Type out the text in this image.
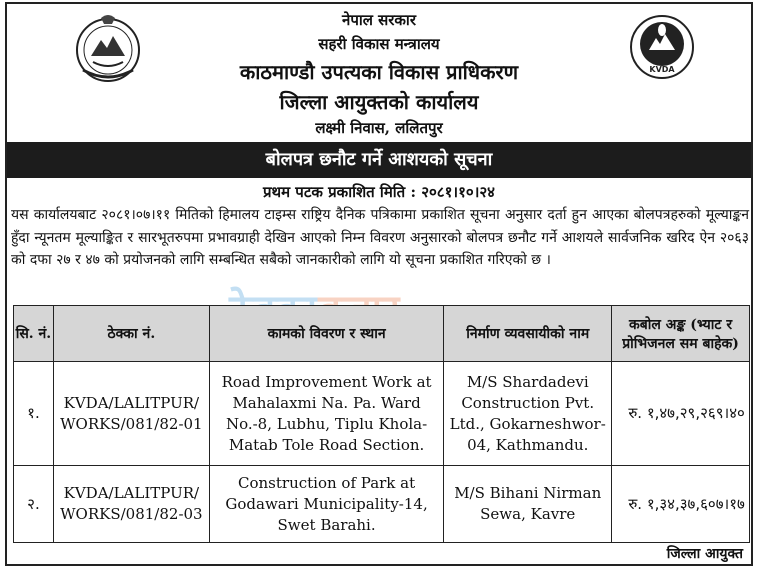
नेपाल सरकार
सहरी विकास मन्त्रालय
काठमाण्डौ उपत्यका विकास प्राधिकरण
जिल्ला आयुक्तको कार्यालय
लक्ष्मी निवास, ललितपुर
KVDA
बोलपत्र छनौट गर्ने आशयको सूचना
प्रथम पटक प्रकाशित मिति : २०८१।१०।२४
यस कार्यालयबाट २०८१।०७।११ मितिको हिमालय टाइम्स राष्ट्रिय दैनिक पत्रिकामा प्रकाशित सूचना अनुसार दर्ता हुन आएका बोलपत्रहरुको मूल्याङ्कन हुँदा न्यूनतम मूल्याङ्कित र सारभूतरुपमा प्रभावग्राही देखिन आएको निम्न विवरण अनुसारको बोलपत्र छनौट गर्ने आशयले सार्वजनिक खरिद ऐन २०६३ को दफा २७ र ४७ को प्रयोजनको लागि सम्बन्धित सबैको जानकारीको लागि यो सूचना प्रकाशित गरिएको छ ।
सि. नं.	ठेक्का नं.	कामको विवरण र स्थान	निर्माण व्यवसायीको नाम	कबोल अङ्क (भ्याट र प्रोभिजनल सम बाहेक)
१.	KVDA/LALITPUR/ WORKS/081/82-01	Road Improvement Work at Mahalaxmi Na. Pa. Ward No.-8, Lubhu, Tiplu Khola-Matab Tole Road Section.	M/S Shardadevi Construction Pvt. Ltd., Gokarneshwor-04, Kathmandu.	रु. १,४७,२९,२६९।४०
२.	KVDA/LALITPUR/ WORKS/081/82-03	Construction of Park at Godawari Municipality-14, Swet Barahi.	M/S Bihani Nirman Sewa, Kavre	रु. १,३४,३७,६०७।१७
जिल्ला आयुक्त
